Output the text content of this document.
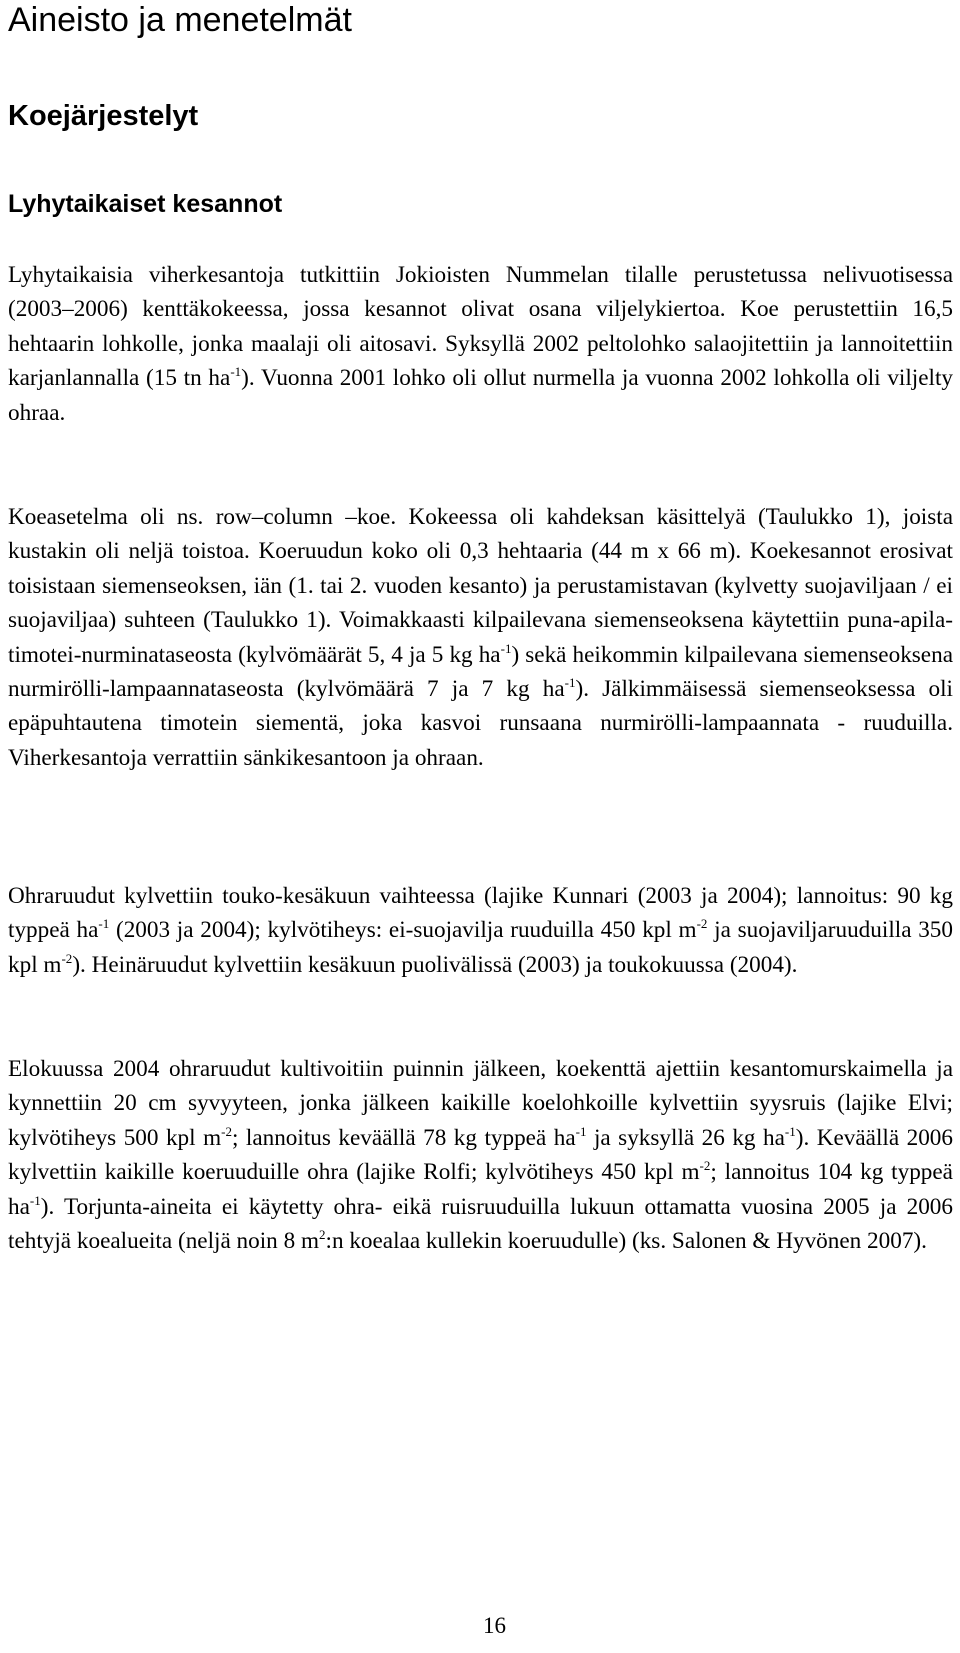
Aineisto ja menetelmät
Koejärjestelyt
Lyhytaikaiset kesannot

Lyhytaikaisia viherkesantoja tutkittiin Jokioisten Nummelan tilalle perustetussa nelivuotisessa (2003–2006) kenttäkokeessa, jossa kesannot olivat osana viljelykiertoa. Koe perustettiin 16,5 hehtaarin lohkolle, jonka maalaji oli aitosavi. Syksyllä 2002 peltolohko salaojitettiin ja lannoitettiin karjanlannalla (15 tn $ha^{-1}$). Vuonna 2001 lohko oli ollut nurmella ja vuonna 2002 lohkolla oli viljelty ohraa.

Koeasetelma oli ns. row–column –koe. Kokeessa oli kahdeksan käsittelyä (Taulukko 1), joista kustakin oli neljä toistoa. Koeruudun koko oli 0,3 hehtaaria (44 m x 66 m). Koekesannot erosivat toisistaan siemenseoksen, iän (1. tai 2. vuoden kesanto) ja perustamistavan (kylvetty suojaviljaan / ei suojaviljaa) suhteen (Taulukko 1). Voimakkaasti kilpailevana siemenseoksena käytettiin puna-apila-timotei-nurminataseosta (kylvömäärät 5, 4 ja 5 kg $ha^{-1}$) sekä heikommin kilpailevana siemenseoksena nurmirölli-lampaannataseosta (kylvömäärä 7 ja 7 kg $ha^{-1}$). Jälkimmäisessä siemenseoksessa oli epäpuhtautena timotein siementä, joka kasvoi runsaana nurmirölli-lampaannata - ruuduilla. Viherkesantoja verrattiin sänkikesantoon ja ohraan.

Ohraruudut kylvettiin touko-kesäkuun vaihteessa (lajike Kunnari (2003 ja 2004); lannoitus: 90 kg typpeä $ha^{-1}$ (2003 ja 2004); kylvötiheys: ei-suojavilja ruuduilla 450 kpl $m^{-2}$ ja suojaviljaruuduilla 350 kpl $m^{-2}$). Heinäruudut kylvettiin kesäkuun puolivälissä (2003) ja toukokuussa (2004).

Elokuussa 2004 ohraruudut kultivoitiin puinnin jälkeen, koekenttä ajettiin kesantomurskaimella ja kynnettiin 20 cm syvyyteen, jonka jälkeen kaikille koelohkoille kylvettiin syysruis (lajike Elvi; kylvötiheys 500 kpl $m^{-2}$; lannoitus keväällä 78 kg typpeä $ha^{-1}$ ja syksyllä 26 kg $ha^{-1}$). Keväällä 2006 kylvettiin kaikille koeruuduille ohra (lajike Rolfi; kylvötiheys 450 kpl $m^{-2}$; lannoitus 104 kg typpeä $ha^{-1}$). Torjunta-aineita ei käytetty ohra- eikä ruisruuduilla lukuun ottamatta vuosina 2005 ja 2006 tehtyjä koealueita (neljä noin 8 $m^2:n$ koealaa kullekin koeruudulle) (ks. Salonen & Hyvönen 2007).

16
